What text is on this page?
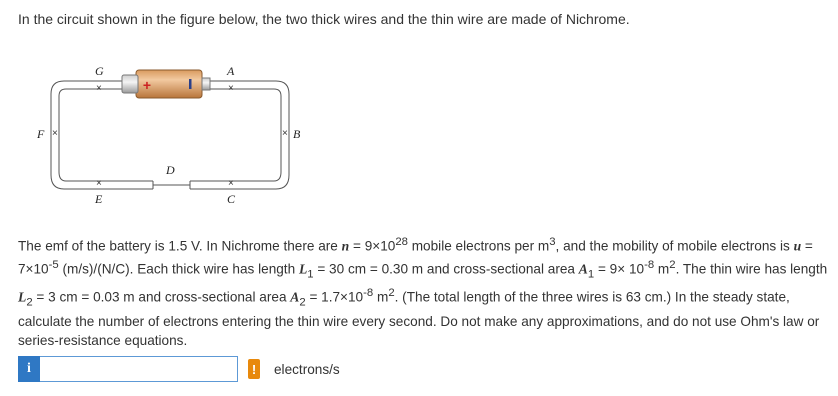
In the circuit shown in the figure below, the two thick wires and the thin wire are made of Nichrome.
+
G
×
A
×
F ×	B
×
D
×
E
×
C
The emf of the battery is 1.5 V. In Nichrome there are $n = 9\times 10^{28}$ mobile electrons per $m^3$, and the mobility of mobile electrons is $u = 7\times 10^{-5}$ (m/s)/(N/C). Each thick wire has length $L_1 = 30$ cm = 0.30 m and cross-sectional area $A_1 = 9\times 10^{-8}$ $m^2$. The thin wire has length $L_2 = 3$ cm = 0.03 m and cross-sectional area $A_2 = 1.7\times 10^{-8}$ $m^2$. (The total length of the three wires is 63 cm.) In the steady state, calculate the number of electrons entering the thin wire every second. Do not make any approximations, and do not use Ohm's law or series-resistance equations.
i	! electrons/s
